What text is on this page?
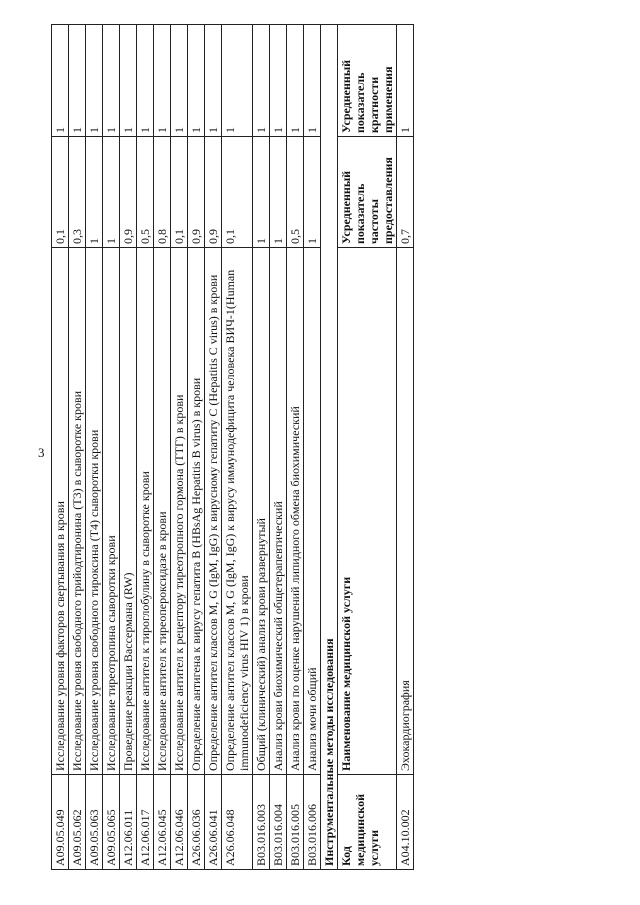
3
A09.05.049	Исследование уровня факторов свертывания в крови	0,1	1
A09.05.062	Исследование уровня свободного трийодтиронина (Т3) в сыворотке крови	0,3	1
A09.05.063	Исследование уровня свободного тироксина (Т4) сыворотки крови	1	1
A09.05.065	Исследование тиреотропина сыворотки крови	1	1
A12.06.011	Проведение реакции Вассермана (RW)	0,9	1
A12.06.017	Исследование антител к тироглобулину в сыворотке крови	0,5	1
A12.06.045	Исследование антител к тиреопероксидазе в крови	0,8	1
A12.06.046	Исследование антител к рецептору тиреотропного гормона (ТТГ) в крови	0,1	1
A26.06.036	Определение антигена к вирусу гепатита B (HBsAg Hepatitis B virus) в крови	0,9	1
A26.06.041	Определение антител классов M, G (IgM, IgG) к вирусному гепатиту C (Hepatitis C virus) в крови	0,9	1
A26.06.048	Определение антител классов M, G (IgM, IgG) к вирусу иммунодефицита человека ВИЧ-1(Human immunodeficiency virus HIV 1) в крови	0,1	1
B03.016.003	Общий (клинический) анализ крови развернутый	1	1
B03.016.004	Анализ крови биохимический общетерапевтический	1	1
B03.016.005	Анализ крови по оценке нарушений липидного обмена биохимический	0,5	1
B03.016.006	Анализ мочи общий	1	1
Инструментальные методы исследования			
Код медицинской услуги	Наименование медицинской услуги	Усредненный показатель частоты предоставления	Усредненный показатель кратности применения
A04.10.002	Эхокардиография	0,7	1
